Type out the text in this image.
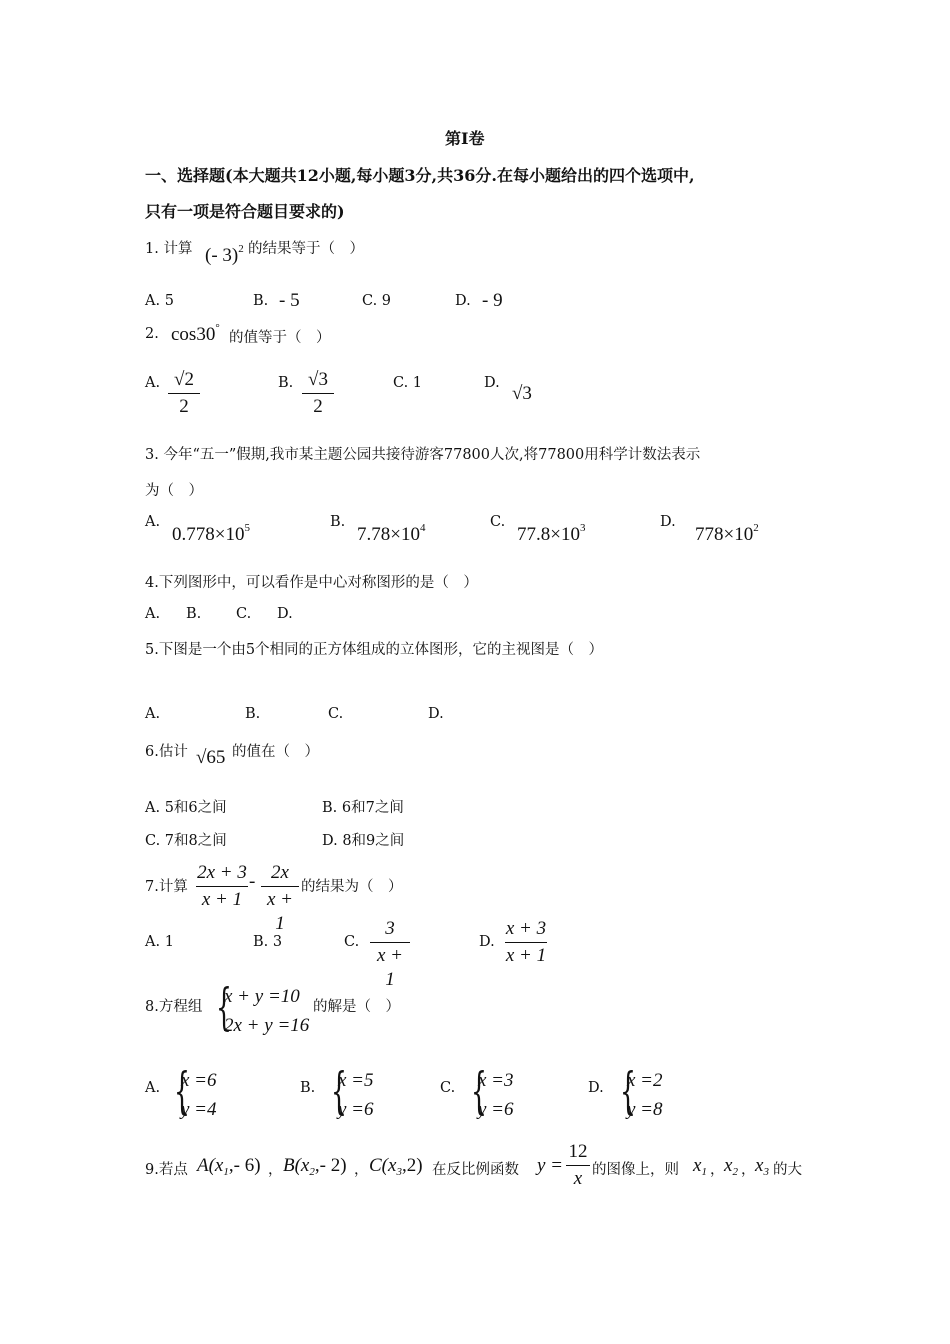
第Ⅰ卷
一、选择题(本大题共12小题,每小题3分,共36分.在每小题给出的四个选项中,
只有一项是符合题目要求的)
1. 计算 (- 3)$^2$ 的结果等于（　）
A. 5	B. - 5	C. 9	D. - 9
2. cos30°
的值等于（　）
A. √2
2
B. √3
2
C. 1	D. √3
3. 今年“五一”假期,我市某主题公园共接待游客77800人次,将77800用科学计数法表示
为（　）
A.
$0.778\times 10^5$	B.
$7.78\times 10^4$	C.
$77.8\times 10^3$	D.
$778\times 10^2$
4.下列图形中，可以看作是中心对称图形的是（　）
A. B. C. D.
5.下图是一个由5个相同的正方体组成的立体图形，它的主视图是（　）
A.	B.	C.	D.
6.估计 √65 的值在（　）
A. 5和6之间	B. 6和7之间
C. 7和8之间	D. 8和9之间
7.计算
2x + 3
x + 1
- 2x
x + 1
的结果为（　）
A. 1	B. 3	C.
3
x + 1
D.
x + 3
x + 1
8.方程组 {
x + y =10
2x + y =16
的解是（　）
A. {
x =6
y =4
B. {
x =5
y =6
C. {
x =3
y =6
D. {
x =2
y =8
9.若点 $A(x_1,-$ 6) ， $B(x_2,-$ 2) ， $C(x_3,2)$ 在反比例函数 y =
12
x 的图像上，则 $x_1$ ， $x_2$ ， $x_3$ 的大
